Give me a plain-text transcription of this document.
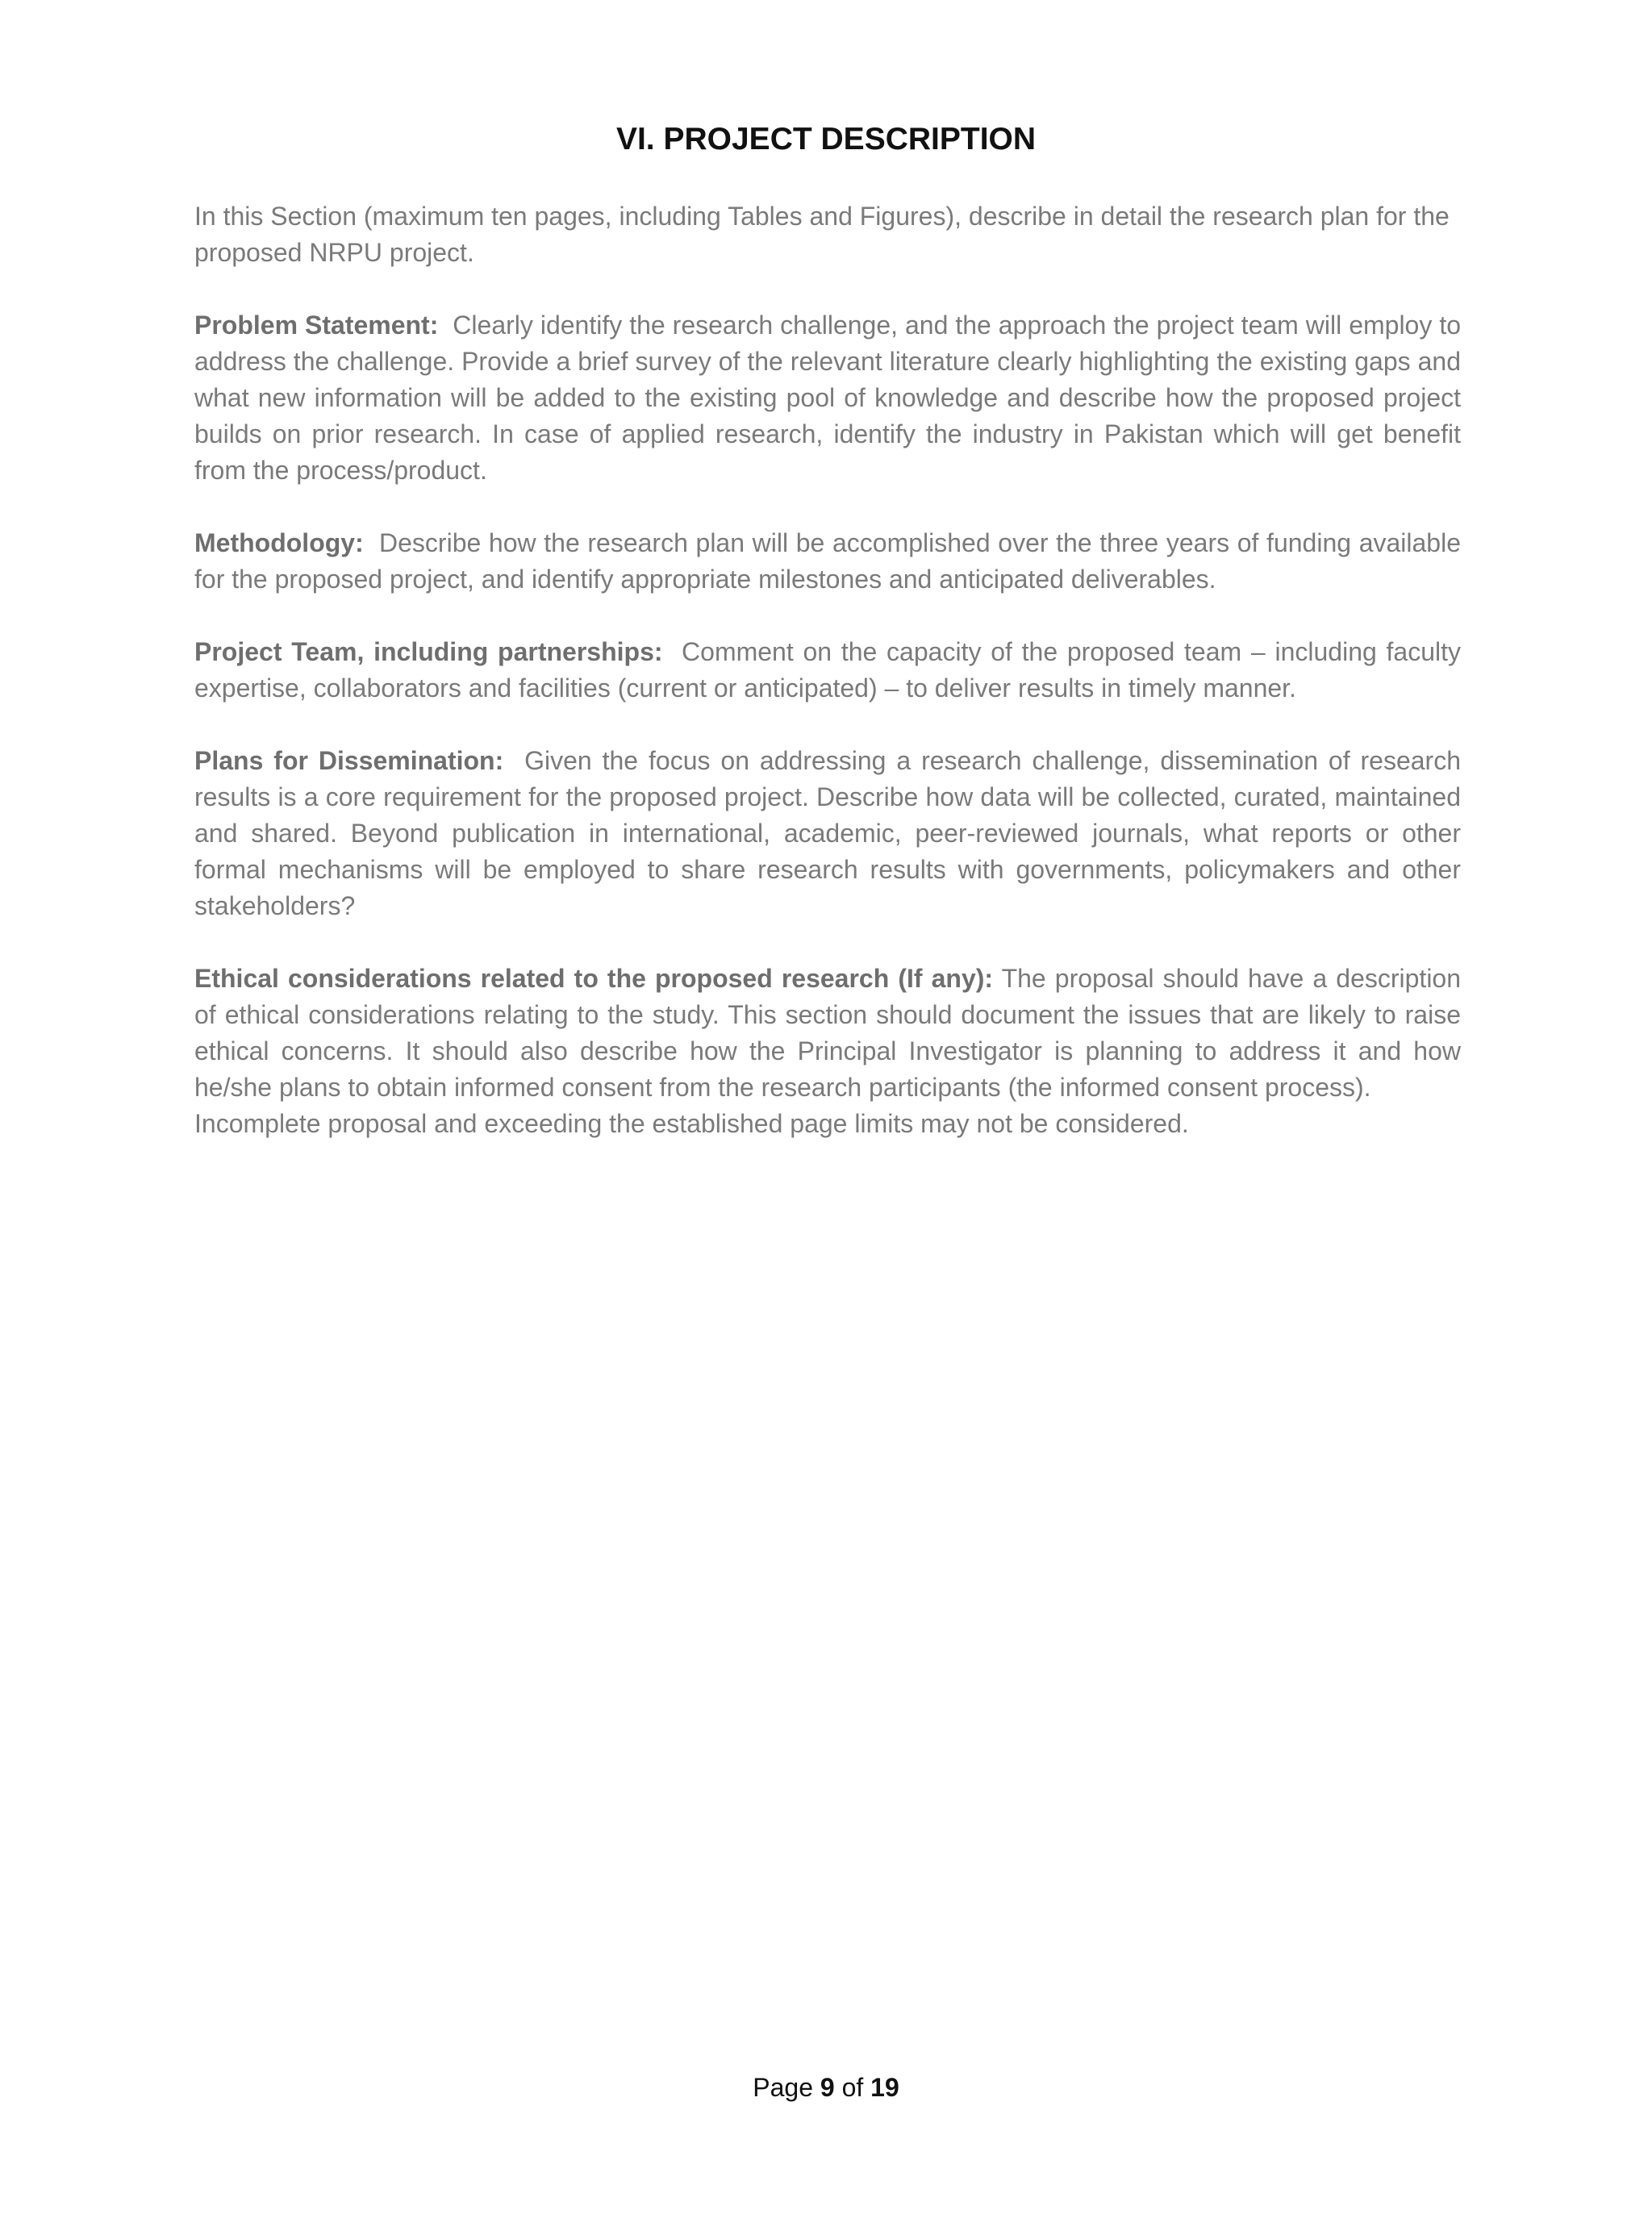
VI. PROJECT DESCRIPTION

In this Section (maximum ten pages, including Tables and Figures), describe in detail the research plan for the proposed NRPU project.

Problem Statement: Clearly identify the research challenge, and the approach the project team will employ to address the challenge. Provide a brief survey of the relevant literature clearly highlighting the existing gaps and what new information will be added to the existing pool of knowledge and describe how the proposed project builds on prior research. In case of applied research, identify the industry in Pakistan which will get benefit from the process/product.

Methodology: Describe how the research plan will be accomplished over the three years of funding available for the proposed project, and identify appropriate milestones and anticipated deliverables.

Project Team, including partnerships: Comment on the capacity of the proposed team – including faculty expertise, collaborators and facilities (current or anticipated) – to deliver results in timely manner.

Plans for Dissemination: Given the focus on addressing a research challenge, dissemination of research results is a core requirement for the proposed project. Describe how data will be collected, curated, maintained and shared. Beyond publication in international, academic, peer-reviewed journals, what reports or other formal mechanisms will be employed to share research results with governments, policymakers and other stakeholders?

Ethical considerations related to the proposed research (If any): The proposal should have a description of ethical considerations relating to the study. This section should document the issues that are likely to raise ethical concerns. It should also describe how the Principal Investigator is planning to address it and how he/she plans to obtain informed consent from the research participants (the informed consent process).

Incomplete proposal and exceeding the established page limits may not be considered.

Page 9 of 19
